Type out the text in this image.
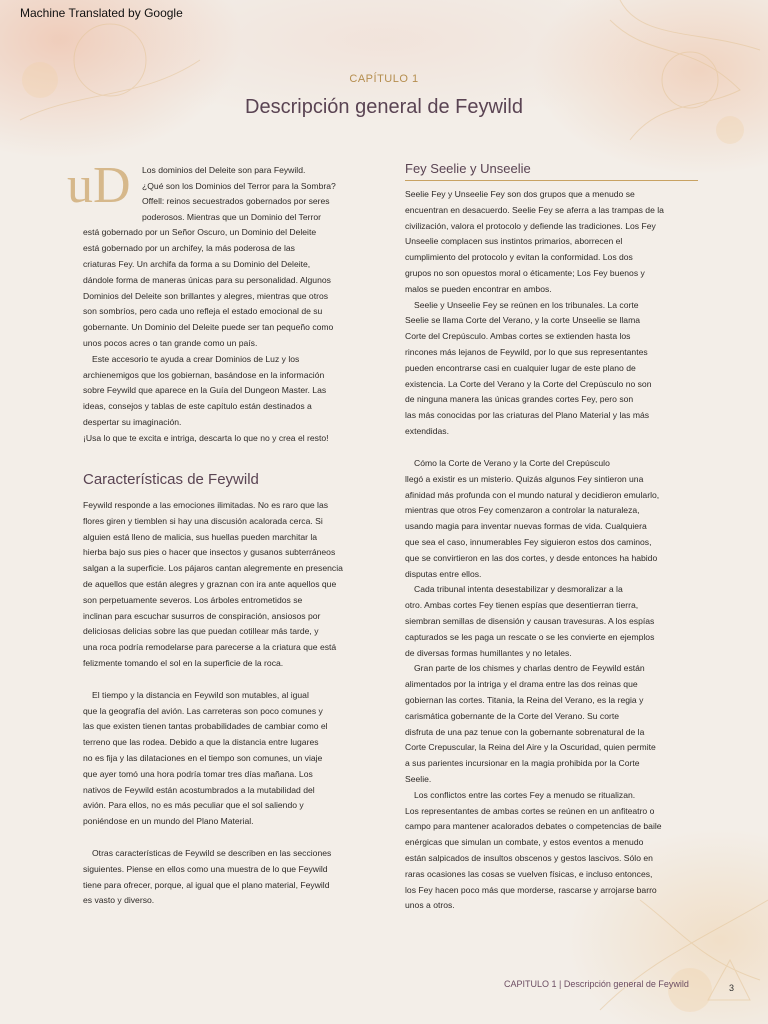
Machine Translated by Google
CAPÍTULO 1
Descripción general de Feywild
uD Los dominios del Deleite son para Feywild.

¿Qué son los Dominios del Terror para la Sombra?

Offell: reinos secuestrados gobernados por seres

poderosos. Mientras que un Dominio del Terror

está gobernado por un Señor Oscuro, un Dominio del Deleite

está gobernado por un archifey, la más poderosa de las

criaturas Fey. Un archifa da forma a su Dominio del Deleite,

dándole forma de maneras únicas para su personalidad. Algunos

Dominios del Deleite son brillantes y alegres, mientras que otros

son sombríos, pero cada uno refleja el estado emocional de su

gobernante. Un Dominio del Deleite puede ser tan pequeño como

unos pocos acres o tan grande como un país.

Este accesorio te ayuda a crear Dominios de Luz y los

archienemigos que los gobiernan, basándose en la información

sobre Feywild que aparece en la Guía del Dungeon Master. Las

ideas, consejos y tablas de este capítulo están destinados a

despertar su imaginación.

¡Usa lo que te excita e intriga, descarta lo que no y crea el resto!

Características de Feywild

Feywild responde a las emociones ilimitadas. No es raro que las

flores giren y tiemblen si hay una discusión acalorada cerca. Si

alguien está lleno de malicia, sus huellas pueden marchitar la

hierba bajo sus pies o hacer que insectos y gusanos subterráneos

salgan a la superficie. Los pájaros cantan alegremente en presencia

de aquellos que están alegres y graznan con ira ante aquellos que

son perpetuamente severos. Los árboles entrometidos se

inclinan para escuchar susurros de conspiración, ansiosos por

deliciosas delicias sobre las que puedan cotillear más tarde, y

una roca podría remodelarse para parecerse a la criatura que está

felizmente tomando el sol en la superficie de la roca.

El tiempo y la distancia en Feywild son mutables, al igual

que la geografía del avión. Las carreteras son poco comunes y

las que existen tienen tantas probabilidades de cambiar como el

terreno que las rodea. Debido a que la distancia entre lugares

no es fija y las dilataciones en el tiempo son comunes, un viaje

que ayer tomó una hora podría tomar tres días mañana. Los

nativos de Feywild están acostumbrados a la mutabilidad del

avión. Para ellos, no es más peculiar que el sol saliendo y

poniéndose en un mundo del Plano Material.

Otras características de Feywild se describen en las secciones

siguientes. Piense en ellos como una muestra de lo que Feywild

tiene para ofrecer, porque, al igual que el plano material, Feywild

es vasto y diverso.

Fey Seelie y Unseelie

Seelie Fey y Unseelie Fey son dos grupos que a menudo se

encuentran en desacuerdo. Seelie Fey se aferra a las trampas de la

civilización, valora el protocolo y defiende las tradiciones. Los Fey

Unseelie complacen sus instintos primarios, aborrecen el

cumplimiento del protocolo y evitan la conformidad. Los dos

grupos no son opuestos moral o éticamente; Los Fey buenos y

malos se pueden encontrar en ambos.

Seelie y Unseelie Fey se reúnen en los tribunales. La corte

Seelie se llama Corte del Verano, y la corte Unseelie se llama

Corte del Crepúsculo. Ambas cortes se extienden hasta los

rincones más lejanos de Feywild, por lo que sus representantes

pueden encontrarse casi en cualquier lugar de este plano de

existencia. La Corte del Verano y la Corte del Crepúsculo no son

de ninguna manera las únicas grandes cortes Fey, pero son

las más conocidas por las criaturas del Plano Material y las más

extendidas.

Cómo la Corte de Verano y la Corte del Crepúsculo

llegó a existir es un misterio. Quizás algunos Fey sintieron una

afinidad más profunda con el mundo natural y decidieron emularlo,

mientras que otros Fey comenzaron a controlar la naturaleza,

usando magia para inventar nuevas formas de vida. Cualquiera

que sea el caso, innumerables Fey siguieron estos dos caminos,

que se convirtieron en las dos cortes, y desde entonces ha habido

disputas entre ellos.

Cada tribunal intenta desestabilizar y desmoralizar a la

otro. Ambas cortes Fey tienen espías que desentierran tierra,

siembran semillas de disensión y causan travesuras. A los espías

capturados se les paga un rescate o se les convierte en ejemplos

de diversas formas humillantes y no letales.

Gran parte de los chismes y charlas dentro de Feywild están

alimentados por la intriga y el drama entre las dos reinas que

gobiernan las cortes. Titania, la Reina del Verano, es la regia y

carismática gobernante de la Corte del Verano. Su corte

disfruta de una paz tenue con la gobernante sobrenatural de la

Corte Crepuscular, la Reina del Aire y la Oscuridad, quien permite

a sus parientes incursionar en la magia prohibida por la Corte

Seelie.

Los conflictos entre las cortes Fey a menudo se ritualizan.

Los representantes de ambas cortes se reúnen en un anfiteatro o

campo para mantener acalorados debates o competencias de baile

enérgicas que simulan un combate, y estos eventos a menudo

están salpicados de insultos obscenos y gestos lascivos. Sólo en

raras ocasiones las cosas se vuelven físicas, e incluso entonces,

los Fey hacen poco más que morderse, rascarse y arrojarse barro

unos a otros.

CAPITULO 1 | Descripción general de Feywild	3
